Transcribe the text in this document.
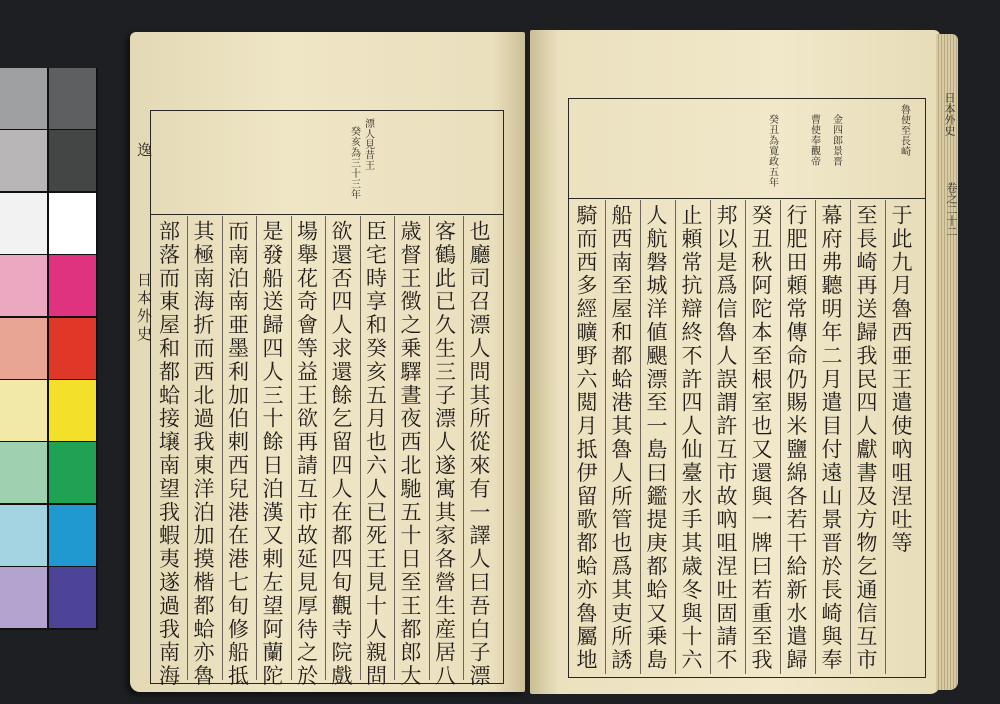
漂人見昔王
癸亥為三十三年
也廳司召漂人問其所從來有一譯人曰吾白子漂
客鶴此已久生三子漂人遂寓其家各營生産居八
歳督王徴之乗驛晝夜西北馳五十日至王都郎大
臣宅時享和癸亥五月也六人已死王見十人親問
欲還否四人求還餘乞留四人在都四旬觀寺院戲
場舉花奇會等益王欲再請互市故延見厚待之於
是發船送歸四人三十餘日泊漢又剌左望阿蘭陀
而南泊南亜墨利加伯剌西兒港在港七旬修船抵
其極南海折而西北過我東洋泊加摸楷都蛤亦魯
部落而東屋和都蛤接壌南望我蝦夷遂過我南海
逸
日本外史
魯使至長崎
金四郎景晋
曹使奉觀帝
癸丑為寛政五年
于此九月魯西亜王遣使吶咀涅吐等
至長崎再送歸我民四人獻書及方物乞通信互市
幕府弗聽明年二月遣目付遠山景晋於長崎與奉
行肥田頼常傳命仍賜米鹽綿各若干給新水遣歸
癸丑秋阿陀本至根室也又還與一牌曰若重至我
邦以是爲信魯人誤謂許互市故吶咀涅吐固請不
止頼常抗辯終不許四人仙臺水手其歳冬與十六
人航磐城洋値颶漂至一島曰鑑提庚都蛤又乗島
船西南至屋和都蛤港其魯人所管也爲其吏所誘
騎而西多經曠野六閲月抵伊留歌都蛤亦魯屬地
日本外史
卷之二十二
